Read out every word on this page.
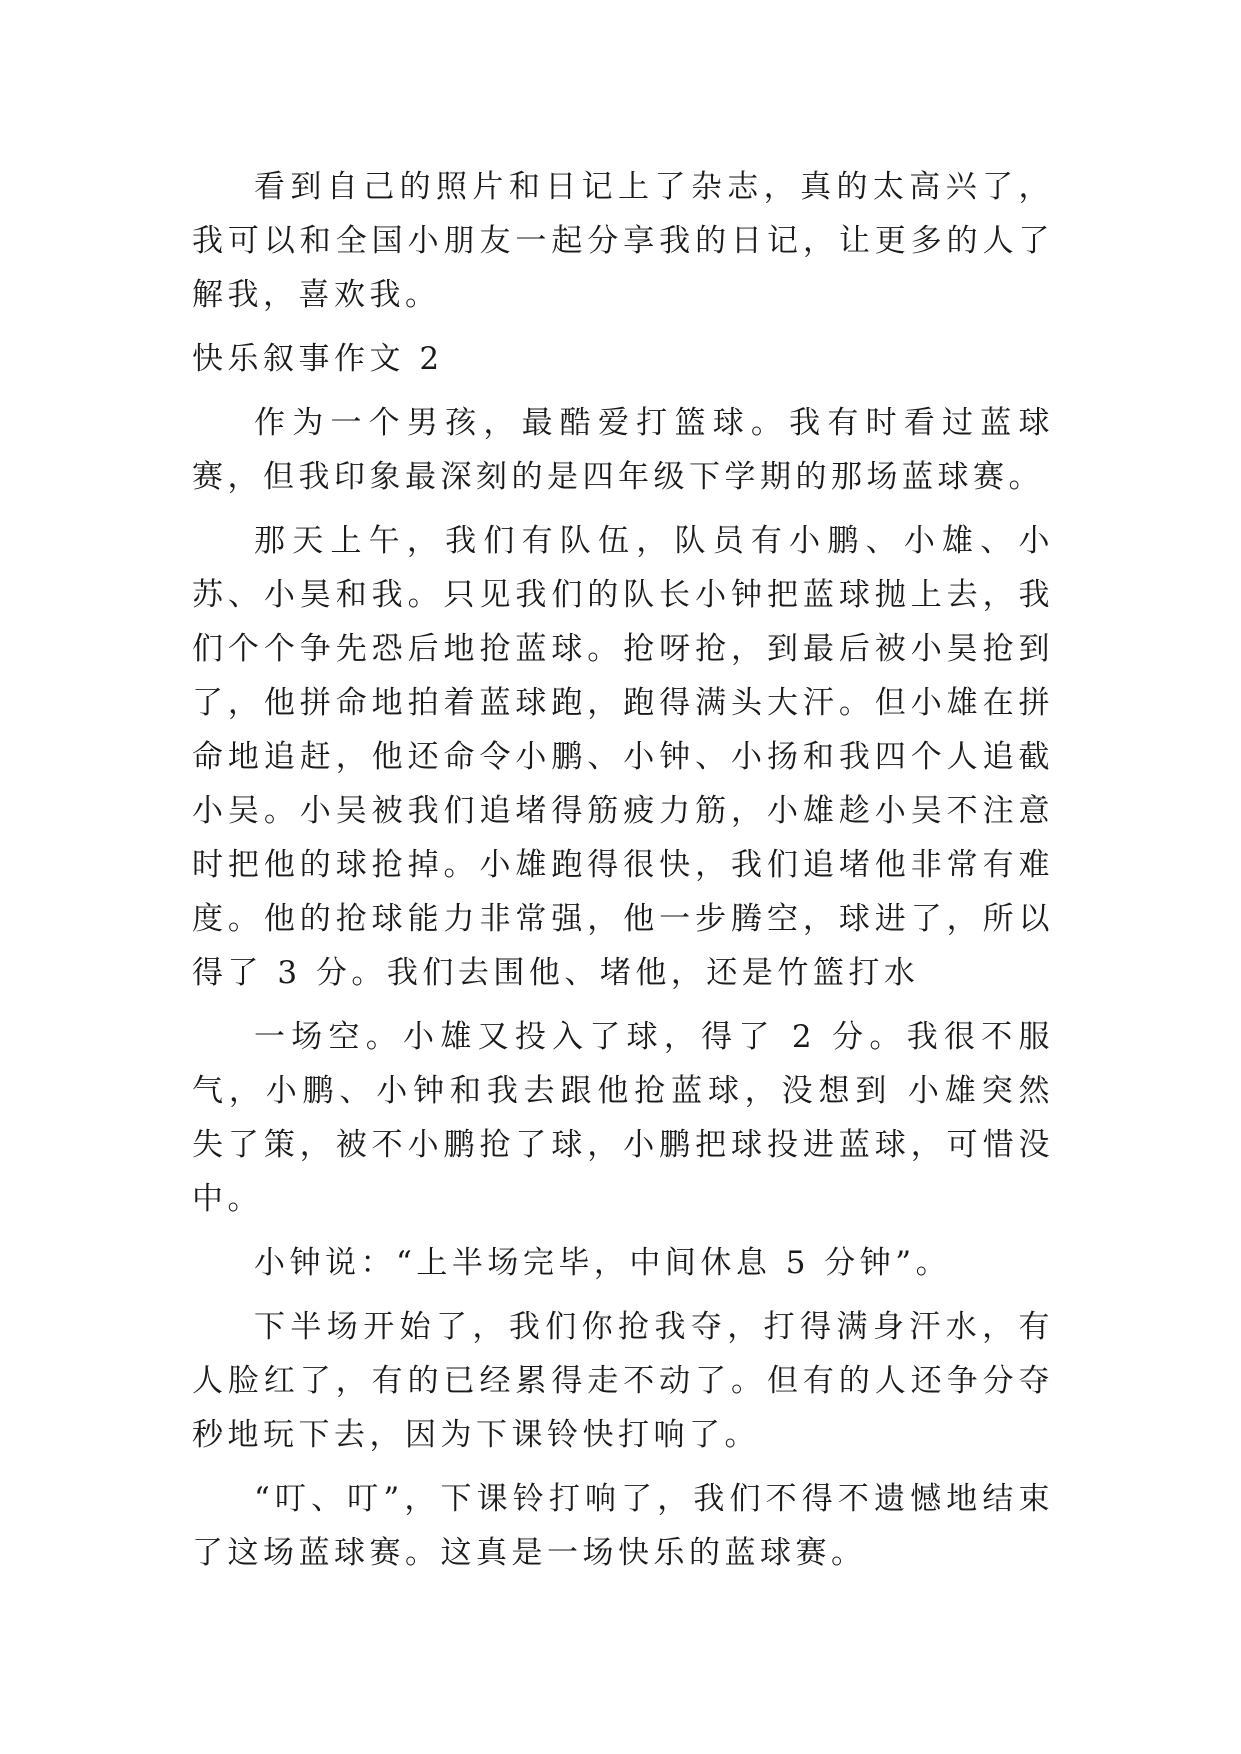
看到自己的照片和日记上了杂志，真的太高兴了，我可以和全国小朋友一起分享我的日记，让更多的人了解我，喜欢我。

快乐叙事作文 2

作为一个男孩，最酷爱打篮球。我有时看过蓝球赛，但我印象最深刻的是四年级下学期的那场蓝球赛。

那天上午，我们有队伍，队员有小鹏、小雄、小苏、小昊和我。只见我们的队长小钟把蓝球抛上去，我们个个争先恐后地抢蓝球。抢呀抢，到最后被小昊抢到了，他拼命地拍着蓝球跑，跑得满头大汗。但小雄在拼命地追赶，他还命令小鹏、小钟、小扬和我四个人追截小吴。小吴被我们追堵得筋疲力筋，小雄趁小吴不注意时把他的球抢掉。小雄跑得很快，我们追堵他非常有难度。他的抢球能力非常强，他一步腾空，球进了，所以得了 3 分。我们去围他、堵他，还是竹篮打水

一场空。小雄又投入了球，得了 2 分。我很不服气，小鹏、小钟和我去跟他抢蓝球，没想到 小雄突然失了策，被不小鹏抢了球，小鹏把球投进蓝球，可惜没中。

小钟说：“上半场完毕，中间休息 5 分钟”。

下半场开始了，我们你抢我夺，打得满身汗水，有人脸红了，有的已经累得走不动了。但有的人还争分夺秒地玩下去，因为下课铃快打响了。

“叮、叮”，下课铃打响了，我们不得不遗憾地结束了这场蓝球赛。这真是一场快乐的蓝球赛。
